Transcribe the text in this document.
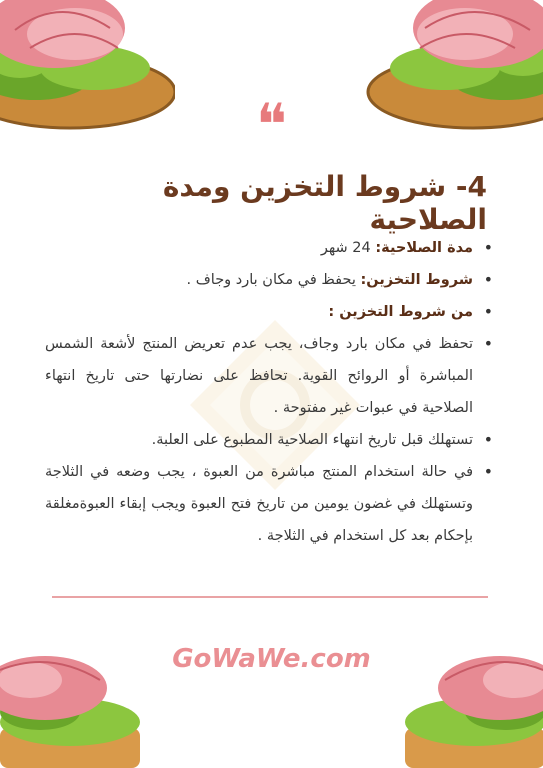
❝
4- شروط التخزين ومدة الصلاحية
• مدة الصلاحية: 24 شهر
• شروط التخزين: يحفظ في مكان بارد وجاف .
• من شروط التخزين :
• تحفظ في مكان بارد وجاف، يجب عدم تعريض المنتج لأشعة الشمس المباشرة أو الروائح القوية. تحافظ على نضارتها حتى تاريخ انتهاء الصلاحية في عبوات غير مفتوحة .
• تستهلك قبل تاريخ انتهاء الصلاحية المطبوع على العلبة.
• في حالة استخدام المنتج مباشرة من العبوة ، يجب وضعه في الثلاجة وتستهلك في غضون يومين من تاريخ فتح العبوة ويجب إبقاء العبوةمغلقة بإحكام بعد كل استخدام في الثلاجة .
GoWaWe.com
